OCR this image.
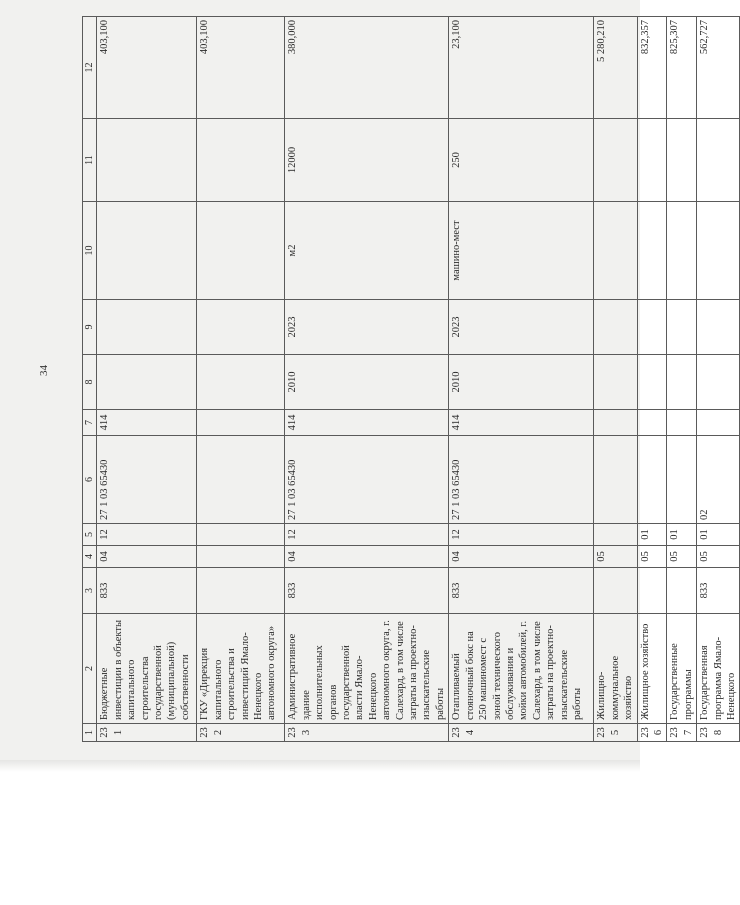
34
1	2	3	4	5	6	7	8	9	10	11	12
231	Бюджетные инвестиции в объекты капитального строительства государственной (муниципальной) собственности	833	04	12	27 1 03 65430	414					403,100
232	ГКУ «Дирекция капитального строительства и инвестиций Ямало-Ненецкого автономного округа»										403,100
233	Административное здание исполнительных органов государственной власти Ямало-Ненецкого автономного округа, г. Салехард, в том числе затраты на проектно-изыскательские работы	833	04	12	27 1 03 65430	414	2010	2023	м2	12000	380,000
234	Отапливаемый стояночный бокс на 250 машиномест с зоной технического обслуживания и мойки автомобилей, г. Салехард, в том числе затраты на проектно-изыскательские работы	833	04	12	27 1 03 65430	414	2010	2023	машино-мест	250	23,100
235	Жилищно-коммунальное хозяйство		05								5 280,210
236	Жилищное хозяйство		05	01							832,357
237	Государственные программы		05	01							825,307
238	Государственная программа Ямало-Ненецкого	833	05	01	02						562,727
